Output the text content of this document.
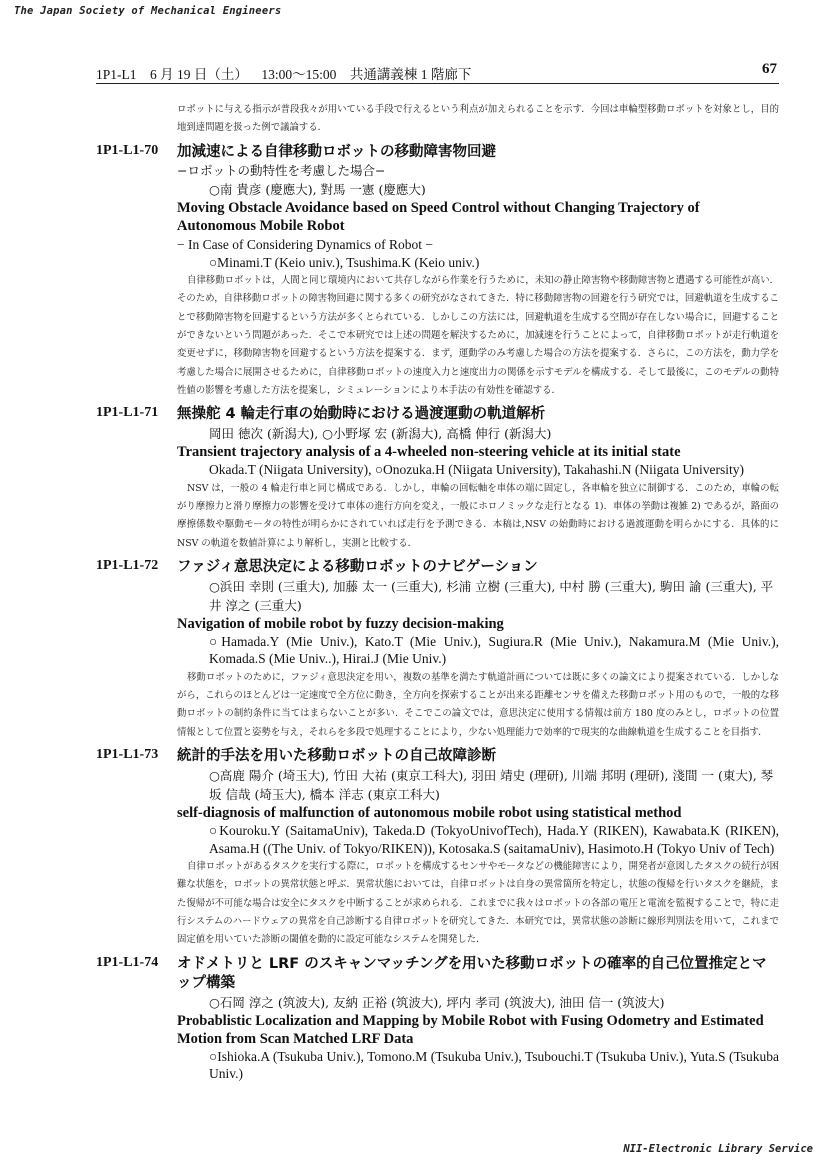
The Japan Society of Mechanical Engineers
1P1-L1    6 月 19 日（土）    13:00〜15:00    共通講義棟 1 階廊下	67
ロボットに与える指示が普段我々が用いている手段で行えるという利点が加えられることを示す．今回は車輪型移動ロボットを対象とし，目的地到達問題を扱った例で議論する．
1P1-L1-70 加減速による自律移動ロボットの移動障害物回避
−ロボットの動特性を考慮した場合−
○南 貴彦 (慶應大), 對馬 一憲 (慶應大)
Moving Obstacle Avoidance based on Speed Control without Changing Trajectory of Autonomous Mobile Robot
− In Case of Considering Dynamics of Robot −
○Minami.T (Keio univ.), Tsushima.K (Keio univ.)
自律移動ロボットは，人間と同じ環境内において共存しながら作業を行うために，未知の静止障害物や移動障害物と遭遇する可能性が高い．そのため，自律移動ロボットの障害物回避に関する多くの研究がなされてきた．特に移動障害物の回避を行う研究では，回避軌道を生成することで移動障害物を回避するという方法が多くとられている．しかしこの方法には，回避軌道を生成する空間が存在しない場合に，回避することができないという問題があった．そこで本研究では上述の問題を解決するために，加減速を行うことによって，自律移動ロボットが走行軌道を変更せずに，移動障害物を回避するという方法を提案する．まず，運動学のみ考慮した場合の方法を提案する．さらに，この方法を，動力学を考慮した場合に展開させるために，自律移動ロボットの速度入力と速度出力の関係を示すモデルを構成する．そして最後に，このモデルの動特性値の影響を考慮した方法を提案し，シミュレーションにより本手法の有効性を確認する．
1P1-L1-71 無操舵 4 輪走行車の始動時における過渡運動の軌道解析
岡田 徳次 (新潟大), ○小野塚 宏 (新潟大), 高橋 伸行 (新潟大)
Transient trajectory analysis of a 4-wheeled non-steering vehicle at its initial state
Okada.T (Niigata University), ○Onozuka.H (Niigata University), Takahashi.N (Niigata University)
NSV は，一般の 4 輪走行車と同じ構成である．しかし，車輪の回転軸を車体の端に固定し，各車輪を独立に制御する．このため，車輪の転がり摩擦力と滑り摩擦力の影響を受けて車体の進行方向を変え，一般にホロノミックな走行となる 1)．車体の挙動は複雑 2) であるが，路面の摩擦係数や駆動モータの特性が明らかにされていれば走行を予測できる．本稿は,NSV の始動時における過渡運動を明らかにする．具体的に NSV の軌道を数値計算により解析し，実測と比較する．
1P1-L1-72 ファジィ意思決定による移動ロボットのナビゲーション
○浜田 幸則 (三重大), 加藤 太一 (三重大), 杉浦 立樹 (三重大), 中村 勝 (三重大), 駒田 諭 (三重大), 平井 淳之 (三重大)
Navigation of mobile robot by fuzzy decision-making
○Hamada.Y (Mie Univ.), Kato.T (Mie Univ.), Sugiura.R (Mie Univ.), Nakamura.M (Mie Univ.), Komada.S (Mie Univ..), Hirai.J (Mie Univ.)
移動ロボットのために，ファジィ意思決定を用い，複数の基準を満たす軌道計画については既に多くの論文により提案されている．しかしながら，これらのほとんどは一定速度で全方位に動き，全方向を探索することが出来る距離センサを備えた移動ロボット用のもので，一般的な移動ロボットの制約条件に当てはまらないことが多い．そこでこの論文では，意思決定に使用する情報は前方 180 度のみとし，ロボットの位置情報として位置と姿勢を与え，それらを多段で処理することにより，少ない処理能力で効率的で現実的な曲線軌道を生成することを目指す．
1P1-L1-73 統計的手法を用いた移動ロボットの自己故障診断
○高鹿 陽介 (埼玉大), 竹田 大祐 (東京工科大), 羽田 靖史 (理研), 川端 邦明 (理研), 淺間 一 (東大), 琴坂 信哉 (埼玉大), 橋本 洋志 (東京工科大)
self-diagnosis of malfunction of autonomous mobile robot using statistical method
○Kouroku.Y (SaitamaUniv), Takeda.D (TokyoUnivofTech), Hada.Y (RIKEN), Kawabata.K (RIKEN), Asama.H ((The Univ. of Tokyo/RIKEN)), Kotosaka.S (saitamaUniv), Hasimoto.H (Tokyo Univ of Tech)
自律ロボットがあるタスクを実行する際に，ロボットを構成するセンサやモータなどの機能障害により，開発者が意図したタスクの続行が困難な状態を，ロボットの異常状態と呼ぶ．異常状態においては，自律ロボットは自身の異常箇所を特定し，状態の復帰を行いタスクを継続，また復帰が不可能な場合は安全にタスクを中断することが求められる．これまでに我々はロボットの各部の電圧と電流を監視することで，特に走行システムのハードウェアの異常を自己診断する自律ロボットを研究してきた．本研究では，異常状態の診断に線形判別法を用いて，これまで固定値を用いていた診断の閾値を動的に設定可能なシステムを開発した．
1P1-L1-74 オドメトリと LRF のスキャンマッチングを用いた移動ロボットの確率的自己位置推定とマップ構築
○石岡 淳之 (筑波大), 友納 正裕 (筑波大), 坪内 孝司 (筑波大), 油田 信一 (筑波大)
Probablistic Localization and Mapping by Mobile Robot with Fusing Odometry and Estimated Motion from Scan Matched LRF Data
○Ishioka.A (Tsukuba Univ.), Tomono.M (Tsukuba Univ.), Tsubouchi.T (Tsukuba Univ.), Yuta.S (Tsukuba Univ.)
NII-Electronic Library Service
